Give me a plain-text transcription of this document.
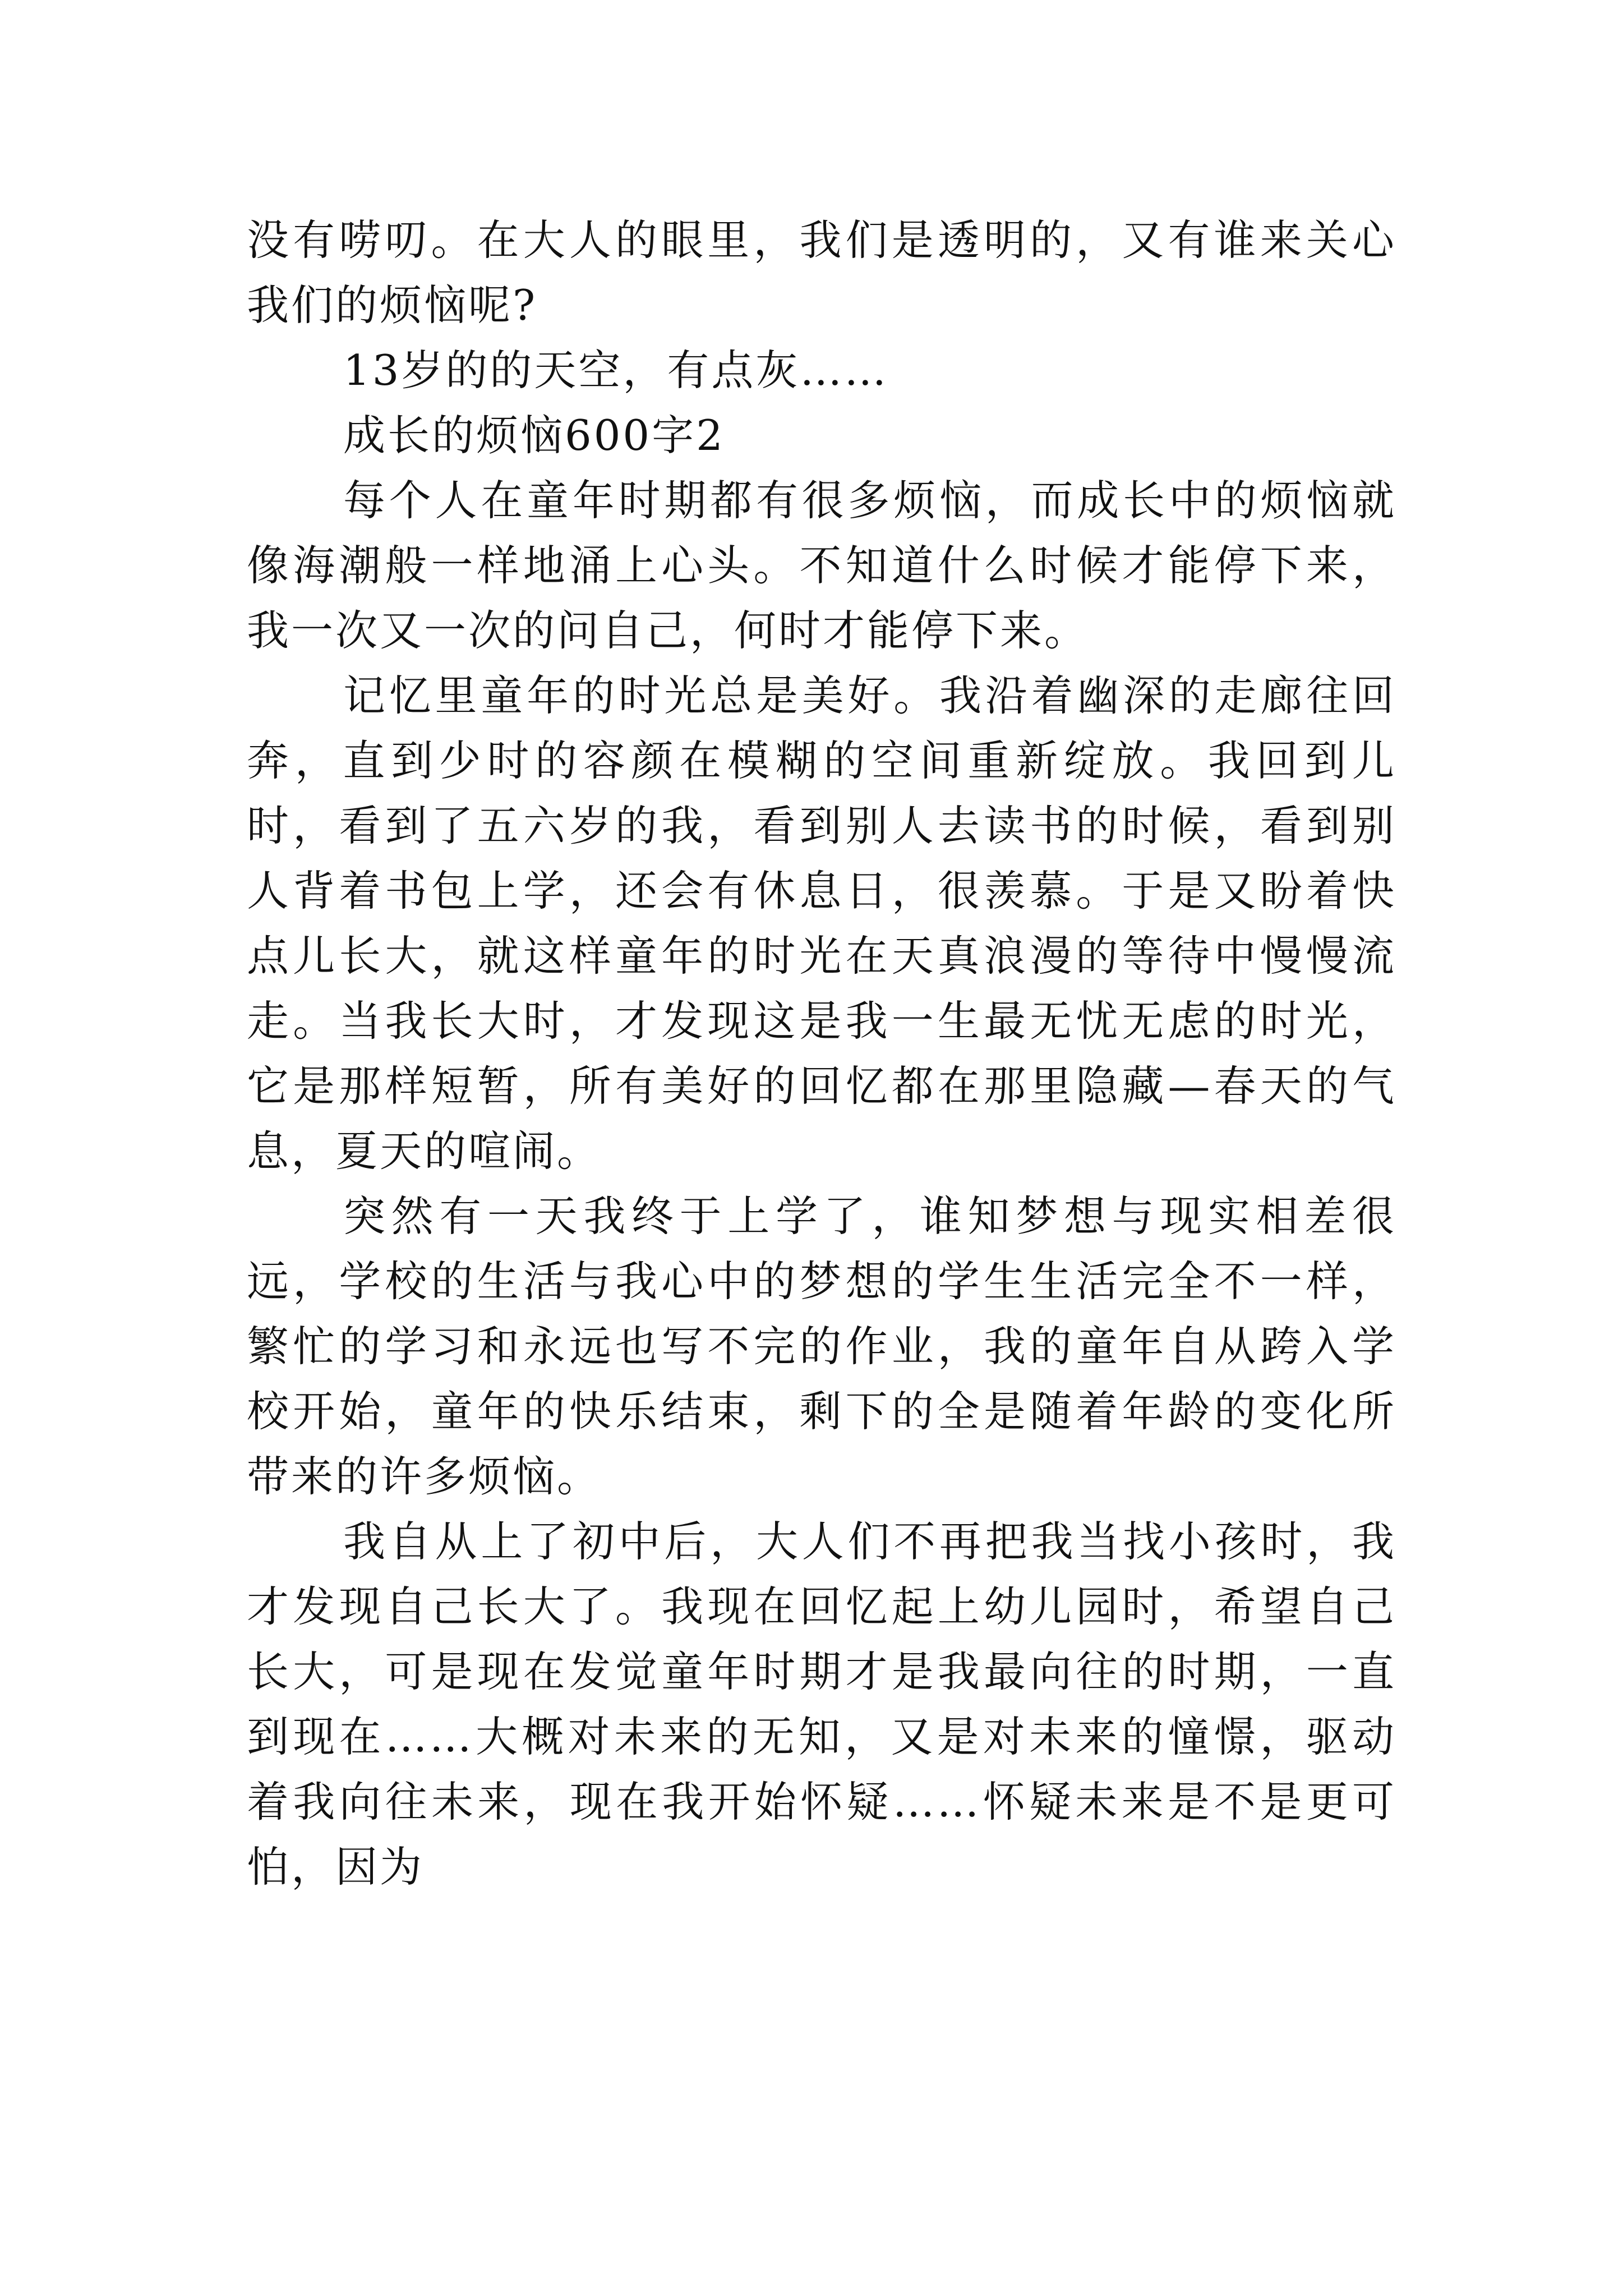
没有唠叨。在大人的眼里，我们是透明的，又有谁来关心我们的烦恼呢?

13岁的的天空，有点灰……

成长的烦恼600字2

每个人在童年时期都有很多烦恼，而成长中的烦恼就像海潮般一样地涌上心头。不知道什么时候才能停下来，我一次又一次的问自己，何时才能停下来。

记忆里童年的时光总是美好。我沿着幽深的走廊往回奔，直到少时的容颜在模糊的空间重新绽放。我回到儿时，看到了五六岁的我，看到别人去读书的时候，看到别人背着书包上学，还会有休息日，很羡慕。于是又盼着快点儿长大，就这样童年的时光在天真浪漫的等待中慢慢流走。当我长大时，才发现这是我一生最无忧无虑的时光，它是那样短暂，所有美好的回忆都在那里隐藏—春天的气息，夏天的喧闹。

突然有一天我终于上学了，谁知梦想与现实相差很远，学校的生活与我心中的梦想的学生生活完全不一样，繁忙的学习和永远也写不完的作业，我的童年自从跨入学校开始，童年的快乐结束，剩下的全是随着年龄的变化所带来的许多烦恼。

我自从上了初中后，大人们不再把我当找小孩时，我才发现自己长大了。我现在回忆起上幼儿园时，希望自己长大，可是现在发觉童年时期才是我最向往的时期，一直到现在……大概对未来的无知，又是对未来的憧憬，驱动着我向往未来，现在我开始怀疑……怀疑未来是不是更可怕，因为
